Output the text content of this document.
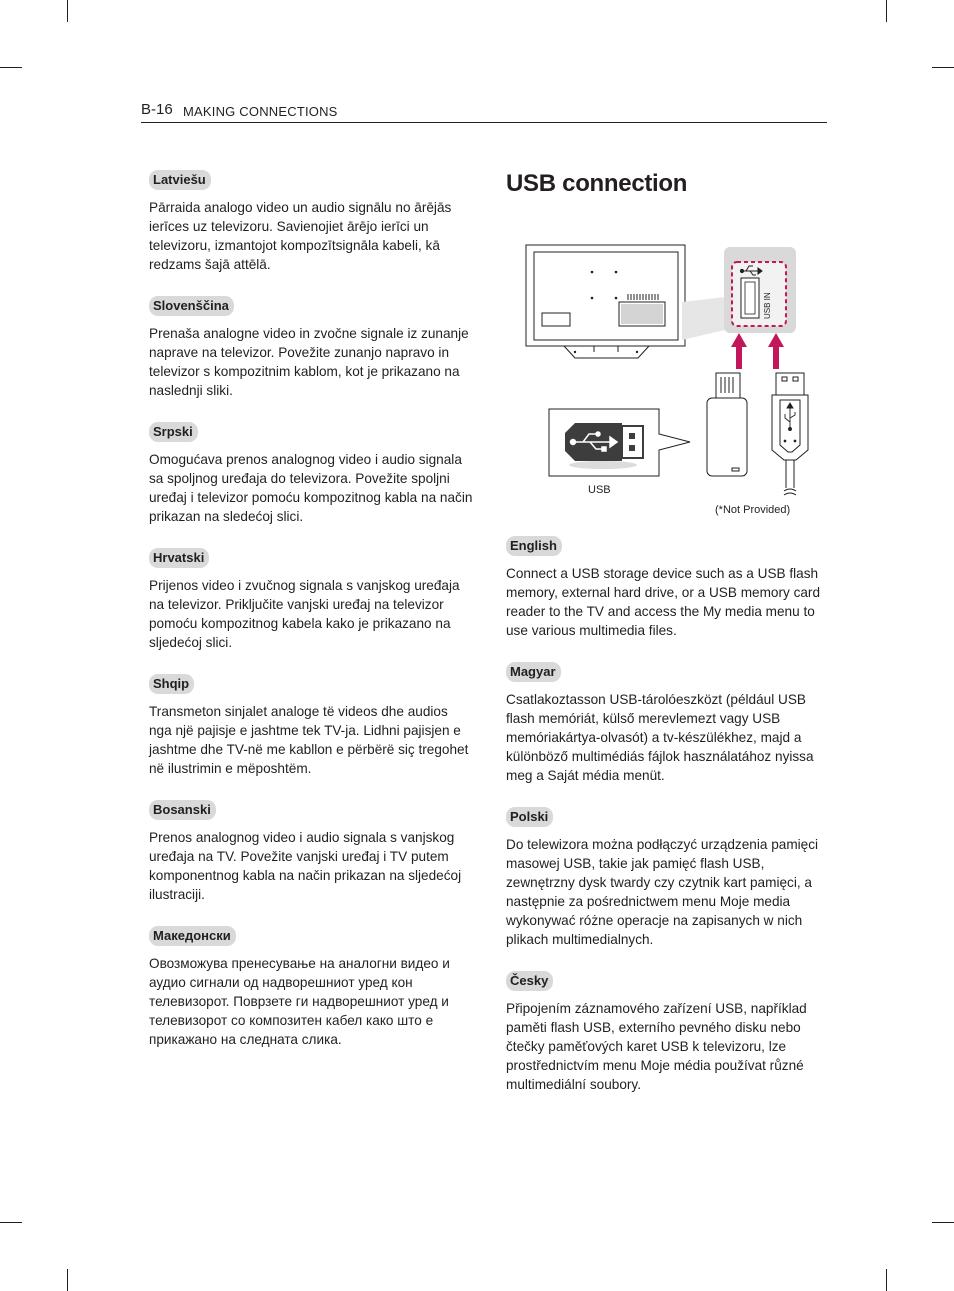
B-16 MAKING CONNECTIONS
Latviešu

Pārraida analogo video un audio signālu no ārējās ierīces uz televizoru. Savienojiet ārējo ierīci un televizoru, izmantojot kompozītsignāla kabeli, kā redzams šajā attēlā.

Slovenščina

Prenaša analogne video in zvočne signale iz zunanje naprave na televizor. Povežite zunanjo napravo in televizor s kompozitnim kablom, kot je prikazano na naslednji sliki.

Srpski

Omogućava prenos analognog video i audio signala sa spoljnog uređaja do televizora. Povežite spoljni uređaj i televizor pomoću kompozitnog kabla na način prikazan na sledećoj slici.

Hrvatski

Prijenos video i zvučnog signala s vanjskog uređaja na televizor. Priključite vanjski uređaj na televizor pomoću kompozitnog kabela kako je prikazano na sljedećoj slici.

Shqip

Transmeton sinjalet analoge të videos dhe audios nga një pajisje e jashtme tek TV-ja. Lidhni pajisjen e jashtme dhe TV-në me kabllon e përbërë siç tregohet në ilustrimin e mëposhtëm.

Bosanski

Prenos analognog video i audio signala s vanjskog uređaja na TV. Povežite vanjski uređaj i TV putem komponentnog kabla na način prikazan na sljedećoj ilustraciji.

Македонски

Овозможува пренесување на аналогни видео и аудио сигнали од надворешниот уред кон телевизорот. Поврзете ги надворешниот уред и телевизорот со композитен кабел како што е прикажано на следната слика.

USB connection
USB IN
USB
(*Not Provided)
English

Connect a USB storage device such as a USB flash memory, external hard drive, or a USB memory card reader to the TV and access the My media menu to use various multimedia files.

Magyar

Csatlakoztasson USB-tárolóeszközt (például USB flash memóriát, külső merevlemezt vagy USB memóriakártya-olvasót) a tv-készülékhez, majd a különböző multimédiás fájlok használatához nyissa meg a Saját média menüt.

Polski

Do telewizora można podłączyć urządzenia pamięci masowej USB, takie jak pamięć flash USB, zewnętrzny dysk twardy czy czytnik kart pamięci, a następnie za pośrednictwem menu Moje media wykonywać różne operacje na zapisanych w nich plikach multimedialnych.

Česky

Připojením záznamového zařízení USB, například paměti flash USB, externího pevného disku nebo čtečky paměťových karet USB k televizoru, lze prostřednictvím menu Moje média používat různé multimediální soubory.
